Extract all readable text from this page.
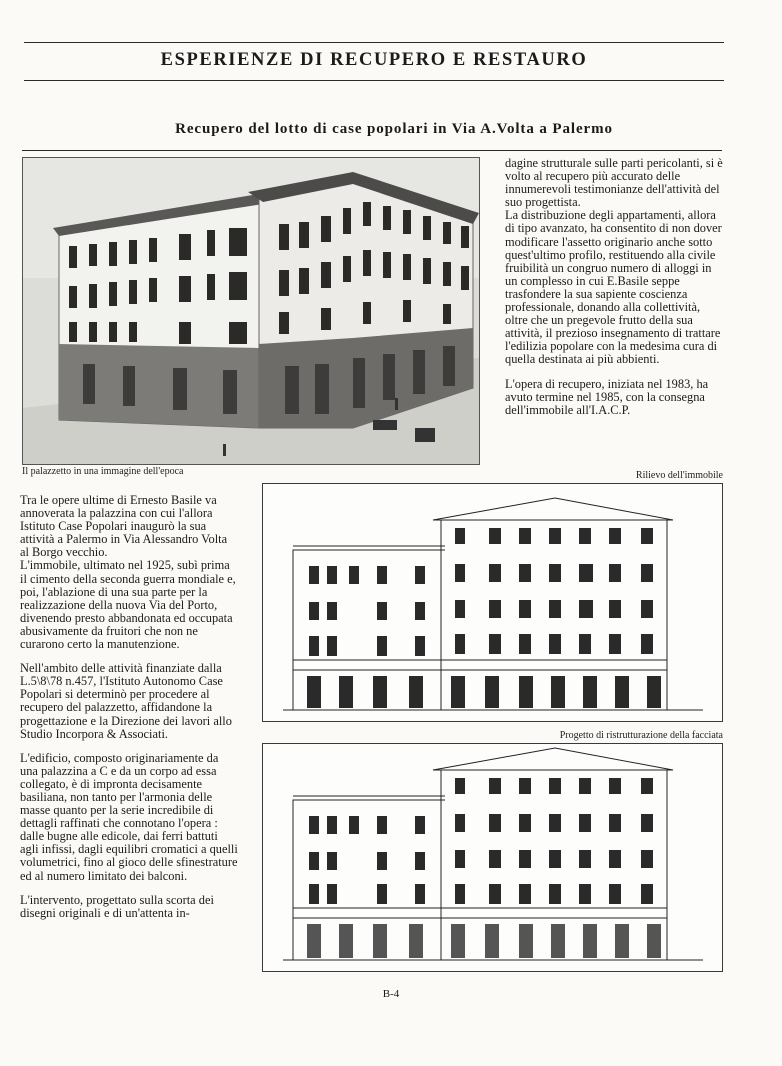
ESPERIENZE DI RECUPERO E RESTAURO
Recupero del lotto di case popolari in Via A.Volta a Palermo
Il palazzetto in una immagine dell'epoca

dagine strutturale sulle parti pericolanti, si è volto al recupero più accurato delle innumerevoli testimonianze dell'attività del suo progettista.
La distribuzione degli appartamenti, allora di tipo avanzato, ha consentito di non dover modificare l'assetto originario anche sotto quest'ultimo profilo, restituendo alla civile fruibilità un congruo numero di alloggi in un complesso in cui E.Basile seppe trasfondere la sua sapiente coscienza professionale, donando alla collettività, oltre che un pregevole frutto della sua attività, il prezioso insegnamento di trattare l'edilizia popolare con la medesima cura di quella destinata ai più abbienti.

L'opera di recupero, iniziata nel 1983, ha avuto termine nel 1985, con la consegna dell'immobile all'I.A.C.P.

Rilievo dell'immobile
Progetto di ristrutturazione della facciata

Tra le opere ultime di Ernesto Basile va annoverata la palazzina con cui l'allora Istituto Case Popolari inaugurò la sua attività a Palermo in Via Alessandro Volta al Borgo vecchio.
L'immobile, ultimato nel 1925, subì prima il cimento della seconda guerra mondiale e, poi, l'ablazione di una sua parte per la realizzazione della nuova Via del Porto, divenendo presto abbandonata ed occupata abusivamente da fruitori che non ne curarono certo la manutenzione.

Nell'ambito delle attività finanziate dalla L.5\8\78 n.457, l'Istituto Autonomo Case Popolari si determinò per procedere al recupero del palazzetto, affidandone la progettazione e la Direzione dei lavori allo Studio Incorpora & Associati.

L'edificio, composto originariamente da una palazzina a C e da un corpo ad essa collegato, è di impronta decisamente basiliana, non tanto per l'armonia delle masse quanto per la serie incredibile di dettagli raffinati che connotano l'opera : dalle bugne alle edicole, dai ferri battuti agli infissi, dagli equilibri cromatici a quelli volumetrici, fino al gioco delle sfinestrature ed al numero limitato dei balconi.

L'intervento, progettato sulla scorta dei disegni originali e di un'attenta in-

B-4
